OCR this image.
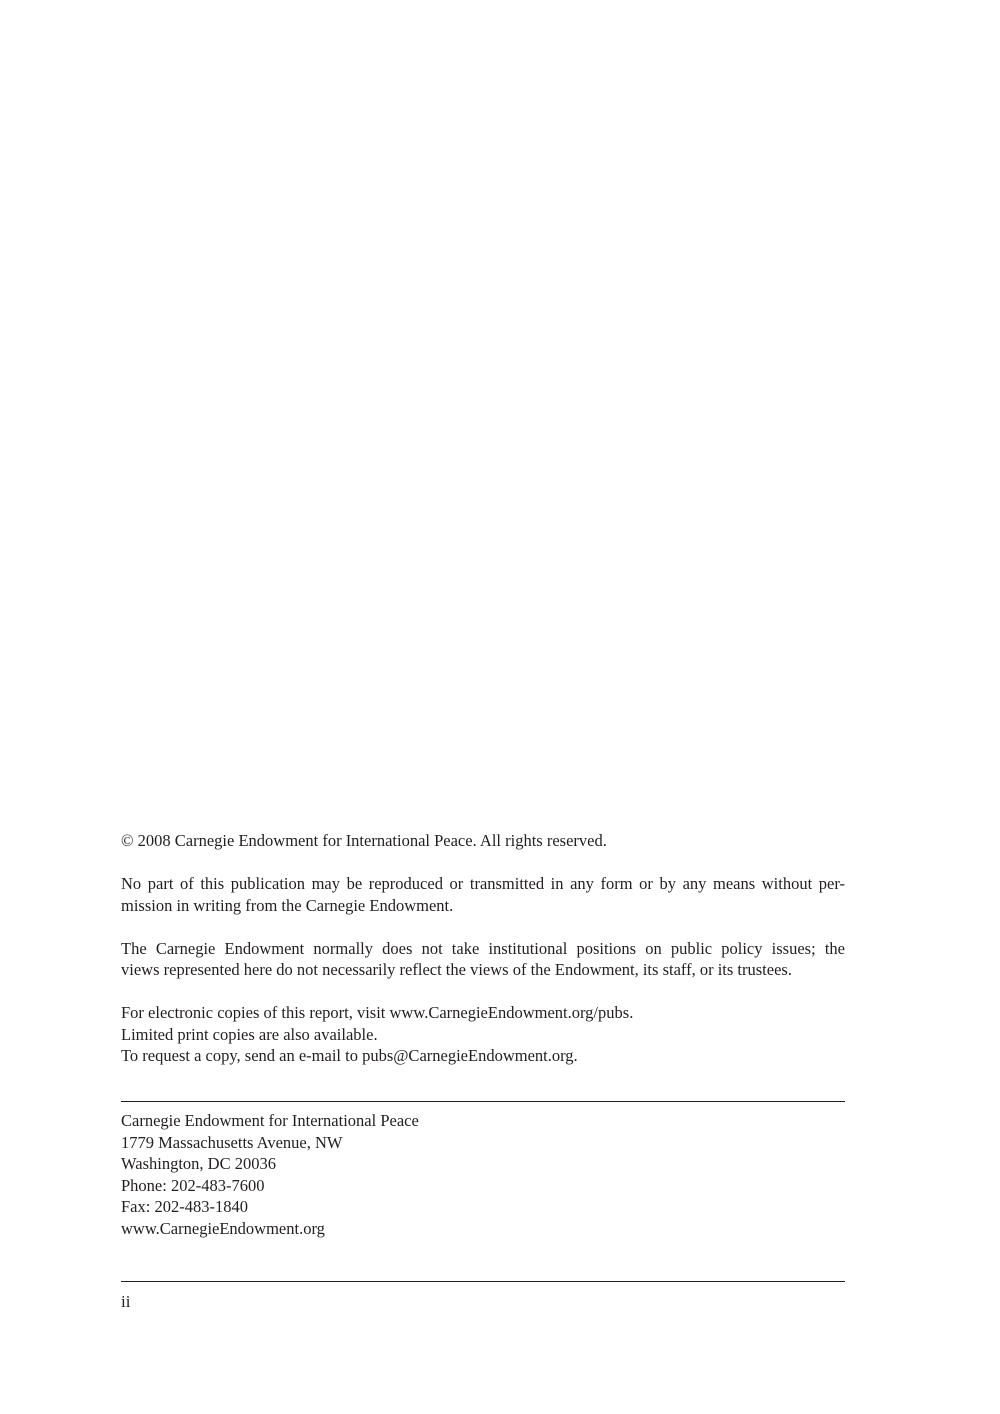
© 2008 Carnegie Endowment for International Peace. All rights reserved.

No part of this publication may be reproduced or transmitted in any form or by any means without per-
mission in writing from the Carnegie Endowment.

The Carnegie Endowment normally does not take institutional positions on public policy issues; the
views represented here do not necessarily reflect the views of the Endowment, its staff, or its trustees.

For electronic copies of this report, visit www.CarnegieEndowment.org/pubs.
Limited print copies are also available.
To request a copy, send an e-mail to pubs@CarnegieEndowment.org.

Carnegie Endowment for International Peace
1779 Massachusetts Avenue, NW
Washington, DC 20036
Phone: 202-483-7600
Fax: 202-483-1840
www.CarnegieEndowment.org
ii
